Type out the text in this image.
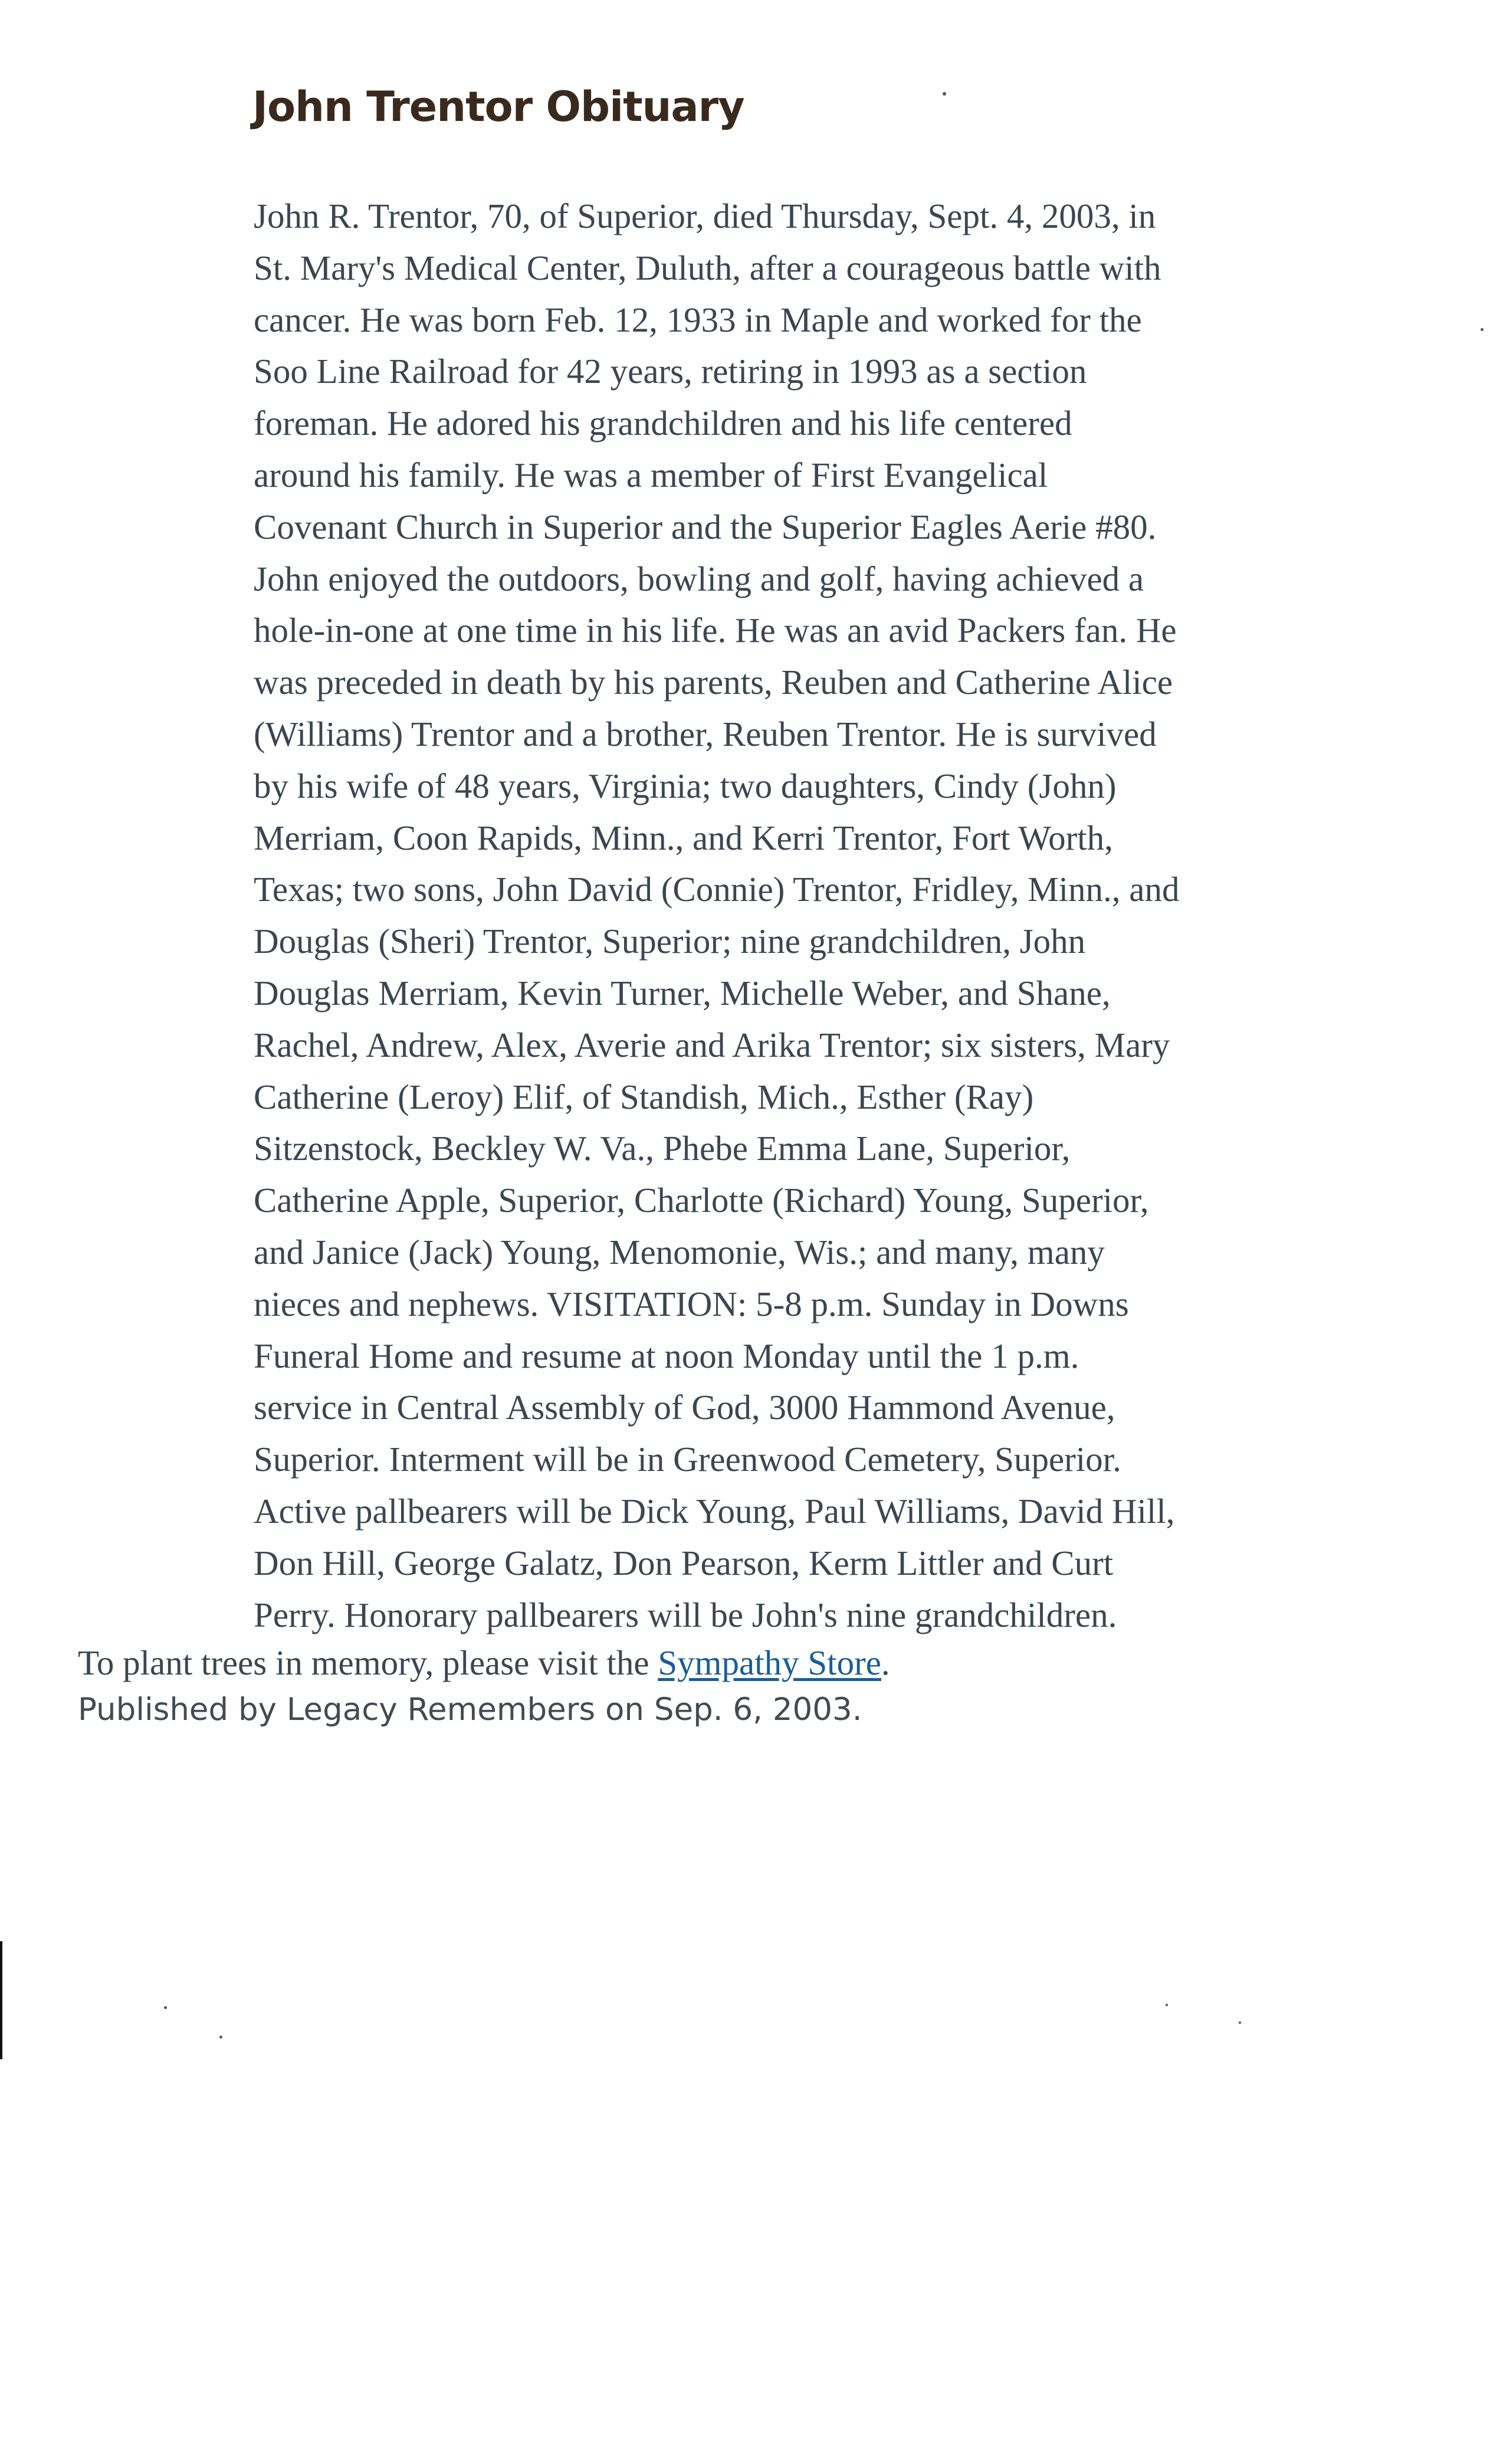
John Trentor Obituary
John R. Trentor, 70, of Superior, died Thursday, Sept. 4, 2003, in
St. Mary's Medical Center, Duluth, after a courageous battle with
cancer. He was born Feb. 12, 1933 in Maple and worked for the
Soo Line Railroad for 42 years, retiring in 1993 as a section
foreman. He adored his grandchildren and his life centered
around his family. He was a member of First Evangelical
Covenant Church in Superior and the Superior Eagles Aerie #80.
John enjoyed the outdoors, bowling and golf, having achieved a
hole-in-one at one time in his life. He was an avid Packers fan. He
was preceded in death by his parents, Reuben and Catherine Alice
(Williams) Trentor and a brother, Reuben Trentor. He is survived
by his wife of 48 years, Virginia; two daughters, Cindy (John)
Merriam, Coon Rapids, Minn., and Kerri Trentor, Fort Worth,
Texas; two sons, John David (Connie) Trentor, Fridley, Minn., and
Douglas (Sheri) Trentor, Superior; nine grandchildren, John
Douglas Merriam, Kevin Turner, Michelle Weber, and Shane,
Rachel, Andrew, Alex, Averie and Arika Trentor; six sisters, Mary
Catherine (Leroy) Elif, of Standish, Mich., Esther (Ray)
Sitzenstock, Beckley W. Va., Phebe Emma Lane, Superior,
Catherine Apple, Superior, Charlotte (Richard) Young, Superior,
and Janice (Jack) Young, Menomonie, Wis.; and many, many
nieces and nephews. VISITATION: 5-8 p.m. Sunday in Downs
Funeral Home and resume at noon Monday until the 1 p.m.
service in Central Assembly of God, 3000 Hammond Avenue,
Superior. Interment will be in Greenwood Cemetery, Superior.
Active pallbearers will be Dick Young, Paul Williams, David Hill,
Don Hill, George Galatz, Don Pearson, Kerm Littler and Curt
Perry. Honorary pallbearers will be John's nine grandchildren.

To plant trees in memory, please visit the Sympathy Store.

Published by Legacy Remembers on Sep. 6, 2003.
